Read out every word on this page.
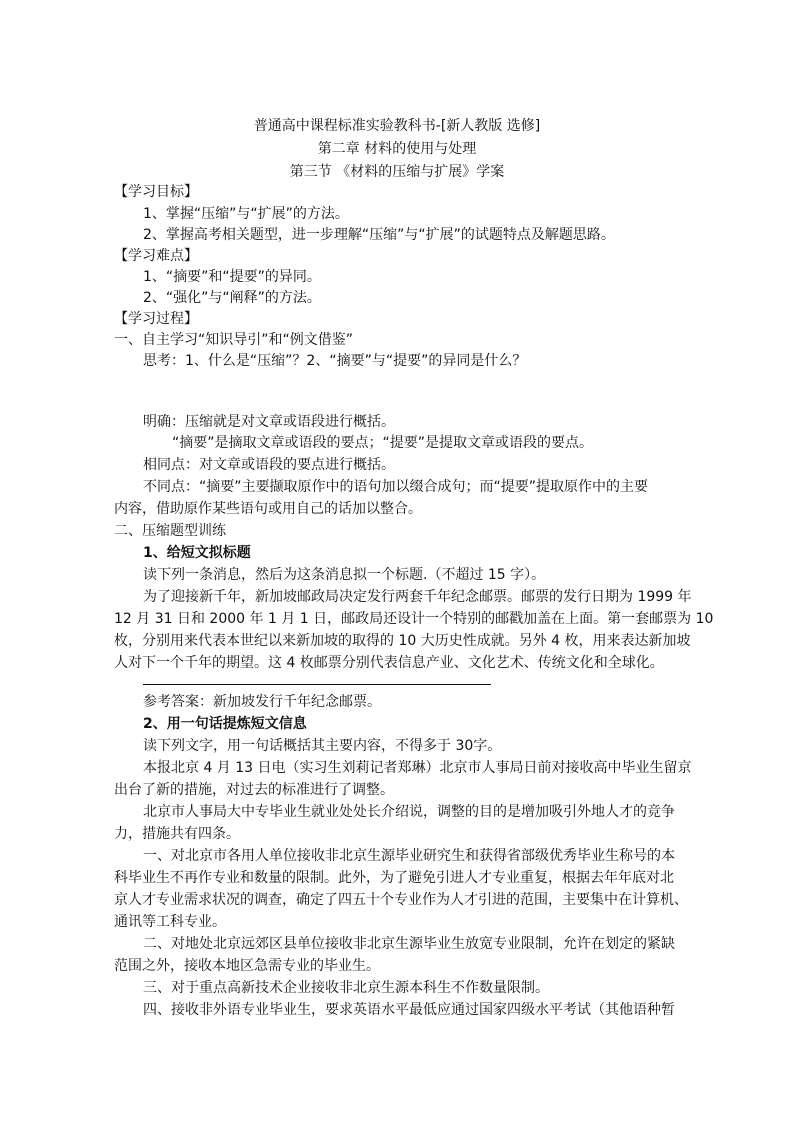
普通高中课程标准实验教科书-[新人教版 选修]
第二章 材料的使用与处理
第三节 《材料的压缩与扩展》学案
【学习目标】
1、掌握“压缩”与“扩展”的方法。
2、掌握高考相关题型，进一步理解“压缩”与“扩展”的试题特点及解题思路。
【学习难点】
1、“摘要”和“提要”的异同。
2、“强化”与“阐释”的方法。
【学习过程】
一、自主学习“知识导引”和“例文借鉴”
思考：1、什么是“压缩”？2、“摘要”与“提要”的异同是什么？
明确：压缩就是对文章或语段进行概括。
“摘要”是摘取文章或语段的要点；“提要”是提取文章或语段的要点。
相同点：对文章或语段的要点进行概括。
不同点：“摘要”主要撷取原作中的语句加以缀合成句；而“提要”提取原作中的主要
内容，借助原作某些语句或用自己的话加以整合。
二、压缩题型训练
1、给短文拟标题
读下列一条消息，然后为这条消息拟一个标题.（不超过 15 字）。
为了迎接新千年，新加坡邮政局决定发行两套千年纪念邮票。邮票的发行日期为 1999 年
12 月 31 日和 2000 年 1 月 1 日，邮政局还设计一个特别的邮戳加盖在上面。第一套邮票为 10
枚，分别用来代表本世纪以来新加坡的取得的 10 大历史性成就。另外 4 枚，用来表达新加坡
人对下一个千年的期望。这 4 枚邮票分别代表信息产业、文化艺术、传统文化和全球化。
参考答案：新加坡发行千年纪念邮票。
2、用一句话提炼短文信息
读下列文字，用一句话概括其主要内容，不得多于 30字。
本报北京 4 月 13 日电（实习生刘莉记者郑琳）北京市人事局日前对接收高中毕业生留京
出台了新的措施，对过去的标准进行了调整。
北京市人事局大中专毕业生就业处处长介绍说，调整的目的是增加吸引外地人才的竞争
力，措施共有四条。
一、对北京市各用人单位接收非北京生源毕业研究生和获得省部级优秀毕业生称号的本
科毕业生不再作专业和数量的限制。此外，为了避免引进人才专业重复，根据去年年底对北
京人才专业需求状况的调查，确定了四五十个专业作为人才引进的范围，主要集中在计算机、
通讯等工科专业。
二、对地处北京远郊区县单位接收非北京生源毕业生放宽专业限制，允许在划定的紧缺
范围之外，接收本地区急需专业的毕业生。
三、对于重点高新技术企业接收非北京生源本科生不作数量限制。
四、接收非外语专业毕业生，要求英语水平最低应通过国家四级水平考试（其他语种暂
